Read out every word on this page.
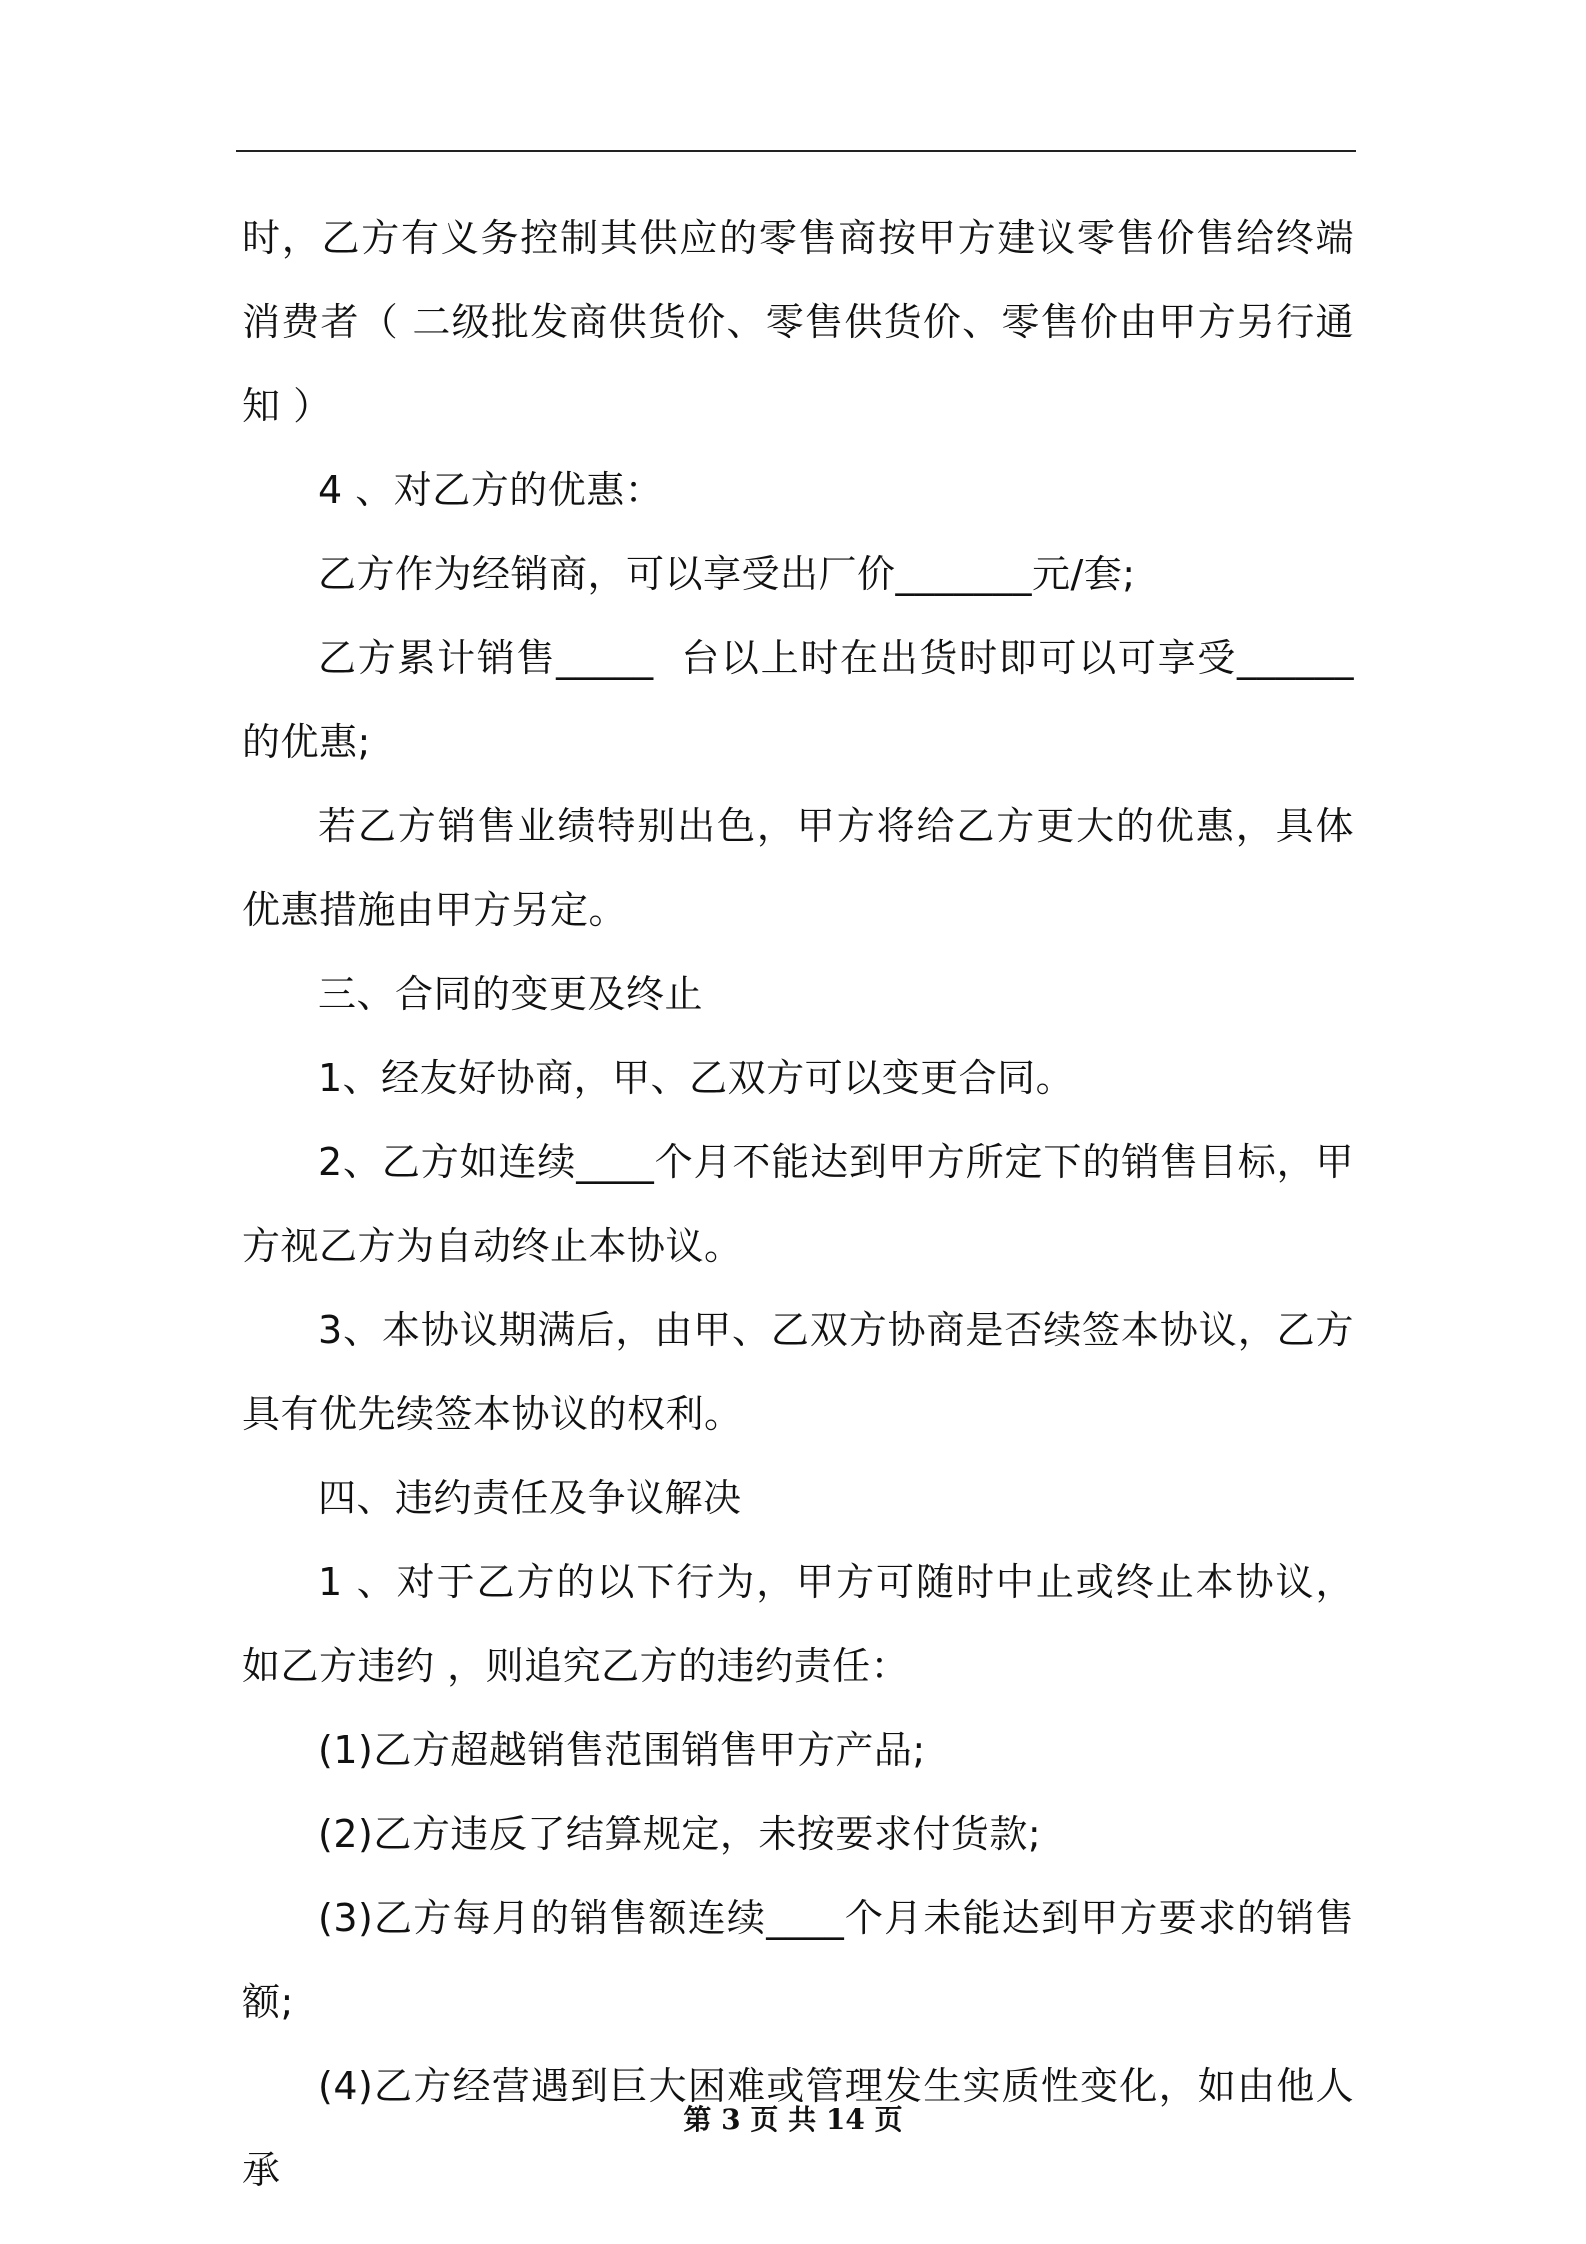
时，乙方有义务控制其供应的零售商按甲方建议零售价售给终端消费者（ 二级批发商供货价、零售供货价、零售价由甲方另行通知 ）

4 、对乙方的优惠：

乙方作为经销商，可以享受出厂价_______元/套;

乙方累计销售_____  台以上时在出货时即可以可享受______的优惠;

若乙方销售业绩特别出色，甲方将给乙方更大的优惠，具体优惠措施由甲方另定。

三、合同的变更及终止

1、经友好协商，甲、乙双方可以变更合同。

2、乙方如连续____个月不能达到甲方所定下的销售目标，甲方视乙方为自动终止本协议。

3、本协议期满后，由甲、乙双方协商是否续签本协议，乙方具有优先续签本协议的权利。

四、违约责任及争议解决

1 、对于乙方的以下行为，甲方可随时中止或终止本协议，如乙方违约 ，则追究乙方的违约责任：

(1)乙方超越销售范围销售甲方产品;

(2)乙方违反了结算规定，未按要求付货款;

(3)乙方每月的销售额连续____个月未能达到甲方要求的销售额;

(4)乙方经营遇到巨大困难或管理发生实质性变化，如由他人承

第 3 页 共 14 页
